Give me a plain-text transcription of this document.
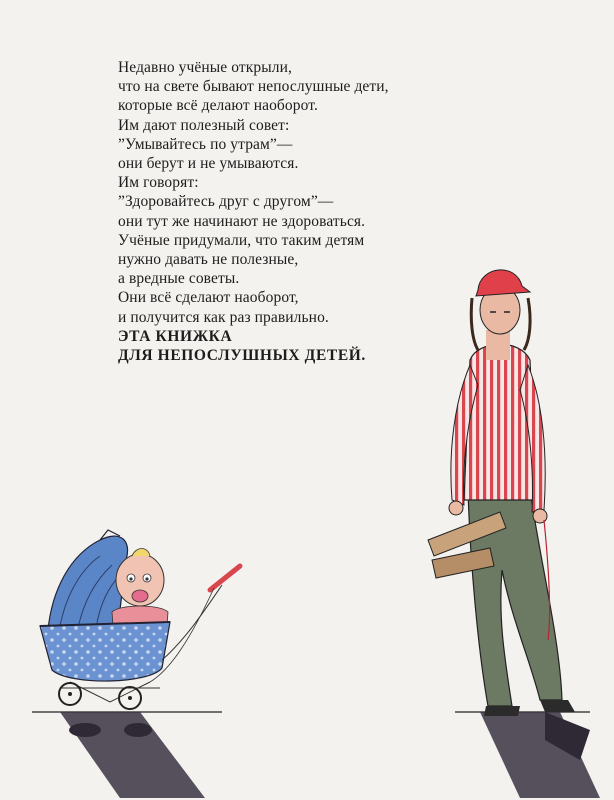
Недавно учёные открыли,
что на свете бывают непослушные дети,
которые всё делают наоборот.
Им дают полезный совет:
”Умывайтесь по утрам”—
они берут и не умываются.
Им говорят:
”Здоровайтесь друг с другом”—
они тут же начинают не здороваться.
Учёные придумали, что таким детям
нужно давать не полезные,
а вредные советы.
Они всё сделают наоборот,
и получится как раз правильно.
ЭТА КНИЖКА
ДЛЯ НЕПОСЛУШНЫХ ДЕТЕЙ.
